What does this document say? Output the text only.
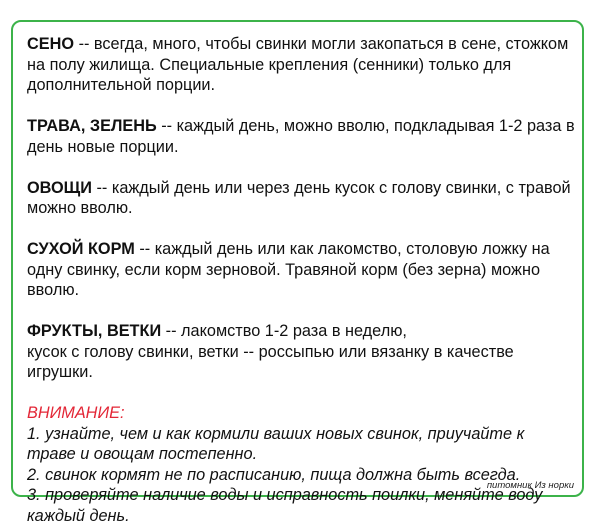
СЕНО -- всегда, много, чтобы свинки могли закопаться в сене, стожком на полу жилища. Специальные крепления (сенники) только для дополнительной порции.

ТРАВА, ЗЕЛЕНЬ -- каждый день, можно вволю, подкладывая 1-2 раза в день новые порции.

ОВОЩИ -- каждый день или через день кусок с голову свинки, с травой можно вволю.

СУХОЙ КОРМ -- каждый день или как лакомство, столовую ложку на одну свинку, если корм зерновой. Травяной корм (без зерна) можно вволю.

ФРУКТЫ, ВЕТКИ -- лакомство 1-2 раза в неделю,
кусок с голову свинки, ветки -- россыпью или вязанку в качестве игрушки.

ВНИМАНИЕ:
1. узнайте, чем и как кормили ваших новых свинок, приучайте к траве и овощам постепенно.
2. свинок кормят не по расписанию, пища должна быть всегда.
3. проверяйте наличие воды и исправность поилки, меняйте воду каждый день.

питомник Из норки
